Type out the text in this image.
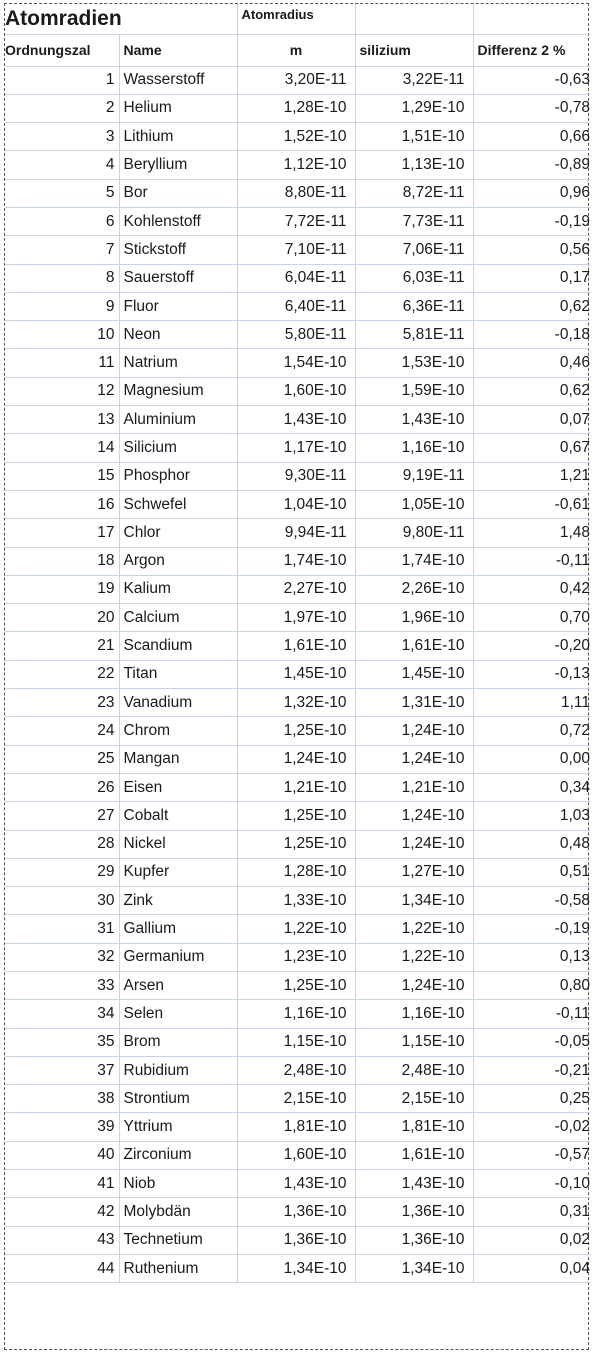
Atomradien		Atomradius		
Ordnungszal	Name	m	silizium	Differenz 2 %
1	Wasserstoff	3,20E-11	3,22E-11	-0,63
2	Helium	1,28E-10	1,29E-10	-0,78
3	Lithium	1,52E-10	1,51E-10	0,66
4	Beryllium	1,12E-10	1,13E-10	-0,89
5	Bor	8,80E-11	8,72E-11	0,96
6	Kohlenstoff	7,72E-11	7,73E-11	-0,19
7	Stickstoff	7,10E-11	7,06E-11	0,56
8	Sauerstoff	6,04E-11	6,03E-11	0,17
9	Fluor	6,40E-11	6,36E-11	0,62
10	Neon	5,80E-11	5,81E-11	-0,18
11	Natrium	1,54E-10	1,53E-10	0,46
12	Magnesium	1,60E-10	1,59E-10	0,62
13	Aluminium	1,43E-10	1,43E-10	0,07
14	Silicium	1,17E-10	1,16E-10	0,67
15	Phosphor	9,30E-11	9,19E-11	1,21
16	Schwefel	1,04E-10	1,05E-10	-0,61
17	Chlor	9,94E-11	9,80E-11	1,48
18	Argon	1,74E-10	1,74E-10	-0,11
19	Kalium	2,27E-10	2,26E-10	0,42
20	Calcium	1,97E-10	1,96E-10	0,70
21	Scandium	1,61E-10	1,61E-10	-0,20
22	Titan	1,45E-10	1,45E-10	-0,13
23	Vanadium	1,32E-10	1,31E-10	1,11
24	Chrom	1,25E-10	1,24E-10	0,72
25	Mangan	1,24E-10	1,24E-10	0,00
26	Eisen	1,21E-10	1,21E-10	0,34
27	Cobalt	1,25E-10	1,24E-10	1,03
28	Nickel	1,25E-10	1,24E-10	0,48
29	Kupfer	1,28E-10	1,27E-10	0,51
30	Zink	1,33E-10	1,34E-10	-0,58
31	Gallium	1,22E-10	1,22E-10	-0,19
32	Germanium	1,23E-10	1,22E-10	0,13
33	Arsen	1,25E-10	1,24E-10	0,80
34	Selen	1,16E-10	1,16E-10	-0,11
35	Brom	1,15E-10	1,15E-10	-0,05
37	Rubidium	2,48E-10	2,48E-10	-0,21
38	Strontium	2,15E-10	2,15E-10	0,25
39	Yttrium	1,81E-10	1,81E-10	-0,02
40	Zirconium	1,60E-10	1,61E-10	-0,57
41	Niob	1,43E-10	1,43E-10	-0,10
42	Molybdän	1,36E-10	1,36E-10	0,31
43	Technetium	1,36E-10	1,36E-10	0,02
44	Ruthenium	1,34E-10	1,34E-10	0,04
